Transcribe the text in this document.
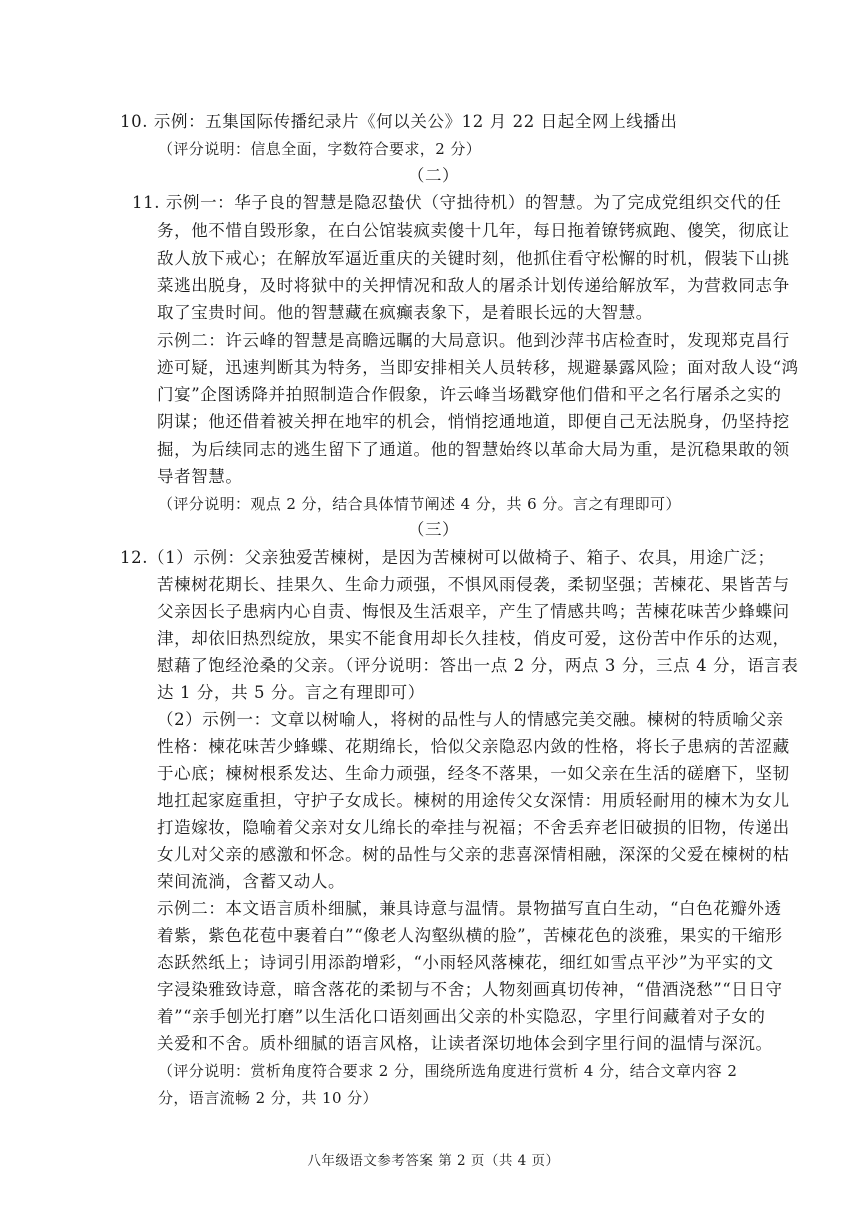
10. 示例：五集国际传播纪录片《何以关公》12 月 22 日起全网上线播出
（评分说明：信息全面，字数符合要求，2 分）
（二）
11. 示例一：华子良的智慧是隐忍蛰伏（守拙待机）的智慧。为了完成党组织交代的任
务，他不惜自毁形象，在白公馆装疯卖傻十几年，每日拖着镣铐疯跑、傻笑，彻底让
敌人放下戒心；在解放军逼近重庆的关键时刻，他抓住看守松懈的时机，假装下山挑
菜逃出脱身，及时将狱中的关押情况和敌人的屠杀计划传递给解放军，为营救同志争
取了宝贵时间。他的智慧藏在疯癫表象下，是着眼长远的大智慧。
示例二：许云峰的智慧是高瞻远瞩的大局意识。他到沙萍书店检查时，发现郑克昌行
迹可疑，迅速判断其为特务，当即安排相关人员转移，规避暴露风险；面对敌人设“鸿
门宴”企图诱降并拍照制造合作假象，许云峰当场戳穿他们借和平之名行屠杀之实的
阴谋；他还借着被关押在地牢的机会，悄悄挖通地道，即便自己无法脱身，仍坚持挖
掘，为后续同志的逃生留下了通道。他的智慧始终以革命大局为重，是沉稳果敢的领
导者智慧。
（评分说明：观点 2 分，结合具体情节阐述 4 分，共 6 分。言之有理即可）
（三）
12.（1）示例：父亲独爱苦楝树，是因为苦楝树可以做椅子、箱子、农具，用途广泛；
苦楝树花期长、挂果久、生命力顽强，不惧风雨侵袭，柔韧坚强；苦楝花、果皆苦与
父亲因长子患病内心自责、悔恨及生活艰辛，产生了情感共鸣；苦楝花味苦少蜂蝶问
津，却依旧热烈绽放，果实不能食用却长久挂枝，俏皮可爱，这份苦中作乐的达观，
慰藉了饱经沧桑的父亲。（评分说明：答出一点 2 分，两点 3 分，三点 4 分，语言表
达 1 分，共 5 分。言之有理即可）
（2）示例一：文章以树喻人，将树的品性与人的情感完美交融。楝树的特质喻父亲
性格：楝花味苦少蜂蝶、花期绵长，恰似父亲隐忍内敛的性格，将长子患病的苦涩藏
于心底；楝树根系发达、生命力顽强，经冬不落果，一如父亲在生活的磋磨下，坚韧
地扛起家庭重担，守护子女成长。楝树的用途传父女深情：用质轻耐用的楝木为女儿
打造嫁妆，隐喻着父亲对女儿绵长的牵挂与祝福；不舍丢弃老旧破损的旧物，传递出
女儿对父亲的感激和怀念。树的品性与父亲的悲喜深情相融，深深的父爱在楝树的枯
荣间流淌，含蓄又动人。
示例二：本文语言质朴细腻，兼具诗意与温情。景物描写直白生动，“白色花瓣外透
着紫，紫色花苞中裹着白”“像老人沟壑纵横的脸”，苦楝花色的淡雅，果实的干缩形
态跃然纸上；诗词引用添韵增彩，“小雨轻风落楝花，细红如雪点平沙”为平实的文
字浸染雅致诗意，暗含落花的柔韧与不舍；人物刻画真切传神，“借酒浇愁”“日日守
着”“亲手刨光打磨”以生活化口语刻画出父亲的朴实隐忍，字里行间藏着对子女的
关爱和不舍。质朴细腻的语言风格，让读者深切地体会到字里行间的温情与深沉。
（评分说明：赏析角度符合要求 2 分，围绕所选角度进行赏析 4 分，结合文章内容 2
分，语言流畅 2 分，共 10 分）
八年级语文参考答案 第 2 页（共 4 页）
